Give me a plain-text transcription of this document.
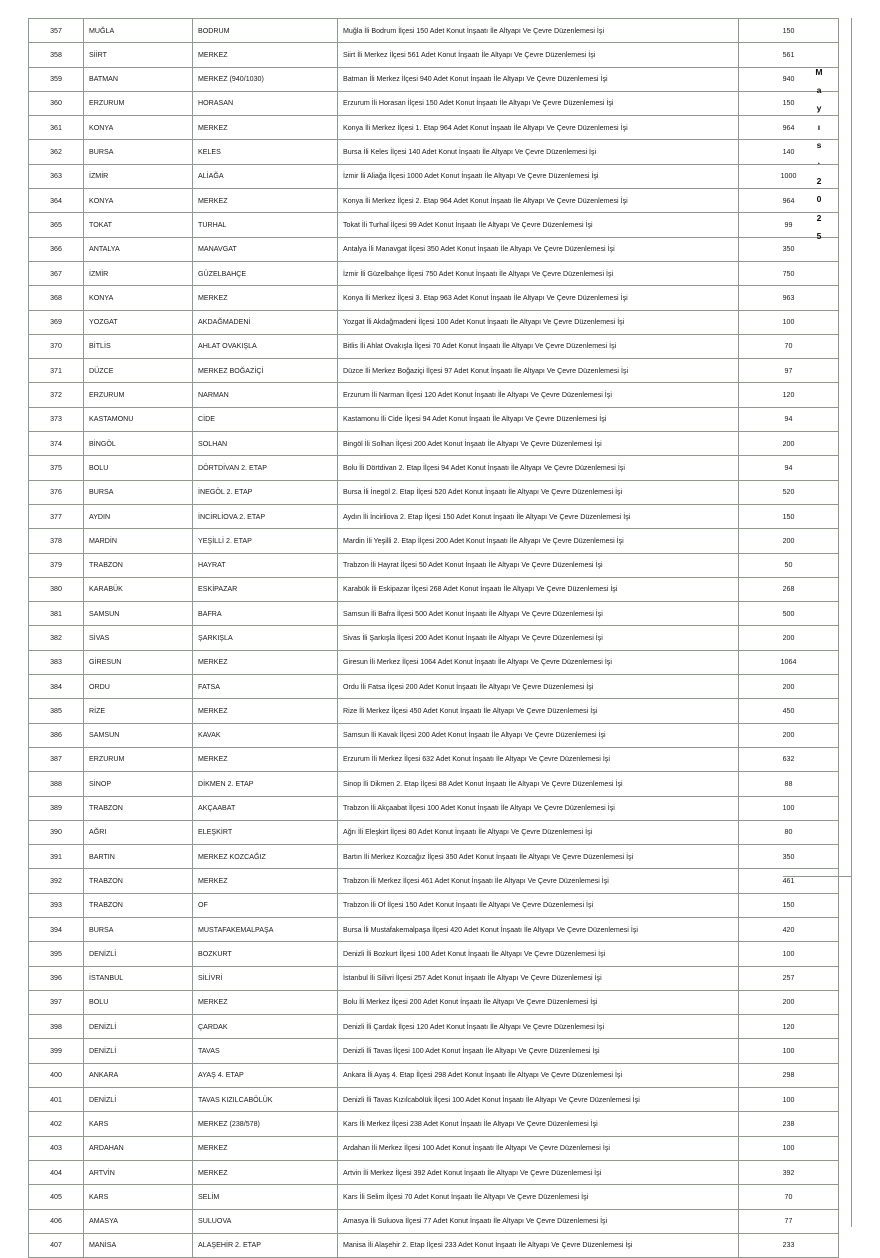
357	MUĞLA	BODRUM	Muğla İli Bodrum İlçesi 150 Adet Konut İnşaatı İle Altyapı Ve Çevre Düzenlemesi İşi	150
358	SİİRT	MERKEZ	Siirt İli Merkez İlçesi 561 Adet Konut İnşaatı İle Altyapı Ve Çevre Düzenlemesi İşi	561
359	BATMAN	MERKEZ (940/1030)	Batman İli Merkez İlçesi 940 Adet Konut İnşaatı İle Altyapı Ve Çevre Düzenlemesi İşi	940
360	ERZURUM	HORASAN	Erzurum İli Horasan İlçesi 150 Adet Konut İnşaatı İle Altyapı Ve Çevre Düzenlemesi İşi	150
361	KONYA	MERKEZ	Konya İli Merkez İlçesi 1. Etap 964 Adet Konut İnşaatı İle Altyapı Ve Çevre Düzenlemesi İşi	964
362	BURSA	KELES	Bursa İli Keles İlçesi 140 Adet Konut İnşaatı İle Altyapı Ve Çevre Düzenlemesi İşi	140
363	İZMİR	ALİAĞA	İzmir İli Aliağa İlçesi 1000 Adet Konut İnşaatı İle Altyapı Ve Çevre Düzenlemesi İşi	1000
364	KONYA	MERKEZ	Konya İli Merkez İlçesi 2. Etap 964 Adet Konut İnşaatı İle Altyapı Ve Çevre Düzenlemesi İşi	964
365	TOKAT	TURHAL	Tokat İli Turhal İlçesi 99 Adet Konut İnşaatı İle Altyapı Ve Çevre Düzenlemesi İşi	99
366	ANTALYA	MANAVGAT	Antalya İli Manavgat İlçesi 350 Adet Konut İnşaatı İle Altyapı Ve Çevre Düzenlemesi İşi	350
367	İZMİR	GÜZELBAHÇE	İzmir İli Güzelbahçe İlçesi 750 Adet Konut İnşaatı İle Altyapı Ve Çevre Düzenlemesi İşi	750
368	KONYA	MERKEZ	Konya İli Merkez İlçesi 3. Etap 963 Adet Konut İnşaatı İle Altyapı Ve Çevre Düzenlemesi İşi	963
369	YOZGAT	AKDAĞMADENİ	Yozgat İli Akdağmadeni İlçesi 100 Adet Konut İnşaatı İle Altyapı Ve Çevre Düzenlemesi İşi	100
370	BİTLİS	AHLAT OVAKIŞLA	Bitlis İli Ahlat Ovakışla İlçesi 70 Adet Konut İnşaatı İle Altyapı Ve Çevre Düzenlemesi İşi	70
371	DÜZCE	MERKEZ BOĞAZİÇİ	Düzce İli Merkez Boğaziçi İlçesi 97 Adet Konut İnşaatı İle Altyapı Ve Çevre Düzenlemesi İşi	97
372	ERZURUM	NARMAN	Erzurum İli Narman İlçesi 120 Adet Konut İnşaatı İle Altyapı Ve Çevre Düzenlemesi İşi	120
373	KASTAMONU	CİDE	Kastamonu İli Cide İlçesi 94 Adet Konut İnşaatı İle Altyapı Ve Çevre Düzenlemesi İşi	94
374	BİNGÖL	SOLHAN	Bingöl İli Solhan İlçesi 200 Adet Konut İnşaatı İle Altyapı Ve Çevre Düzenlemesi İşi	200
375	BOLU	DÖRTDİVAN 2. ETAP	Bolu İli Dörtdivan 2. Etap İlçesi 94 Adet Konut İnşaatı İle Altyapı Ve Çevre Düzenlemesi İşi	94
376	BURSA	İNEGÖL 2. ETAP	Bursa İli İnegöl 2. Etap İlçesi 520 Adet Konut İnşaatı İle Altyapı Ve Çevre Düzenlemesi İşi	520
377	AYDIN	İNCİRLİOVA 2. ETAP	Aydın İli İncirliova 2. Etap İlçesi 150 Adet Konut İnşaatı İle Altyapı Ve Çevre Düzenlemesi İşi	150
378	MARDİN	YEŞİLLİ 2. ETAP	Mardin İli Yeşilli 2. Etap İlçesi 200 Adet Konut İnşaatı İle Altyapı Ve Çevre Düzenlemesi İşi	200
379	TRABZON	HAYRAT	Trabzon İli Hayrat İlçesi 50 Adet Konut İnşaatı İle Altyapı Ve Çevre Düzenlemesi İşi	50
380	KARABÜK	ESKİPAZAR	Karabük İli Eskipazar İlçesi 268 Adet Konut İnşaatı İle Altyapı Ve Çevre Düzenlemesi İşi	268
381	SAMSUN	BAFRA	Samsun İli Bafra İlçesi 500 Adet Konut İnşaatı İle Altyapı Ve Çevre Düzenlemesi İşi	500
382	SİVAS	ŞARKIŞLA	Sivas İli Şarkışla İlçesi 200 Adet Konut İnşaatı İle Altyapı Ve Çevre Düzenlemesi İşi	200
383	GİRESUN	MERKEZ	Giresun İli Merkez İlçesi 1064 Adet Konut İnşaatı İle Altyapı Ve Çevre Düzenlemesi İşi	1064
384	ORDU	FATSA	Ordu İli Fatsa İlçesi 200 Adet Konut İnşaatı İle Altyapı Ve Çevre Düzenlemesi İşi	200
385	RİZE	MERKEZ	Rize İli Merkez İlçesi 450 Adet Konut İnşaatı İle Altyapı Ve Çevre Düzenlemesi İşi	450
386	SAMSUN	KAVAK	Samsun İli Kavak İlçesi 200 Adet Konut İnşaatı İle Altyapı Ve Çevre Düzenlemesi İşi	200
387	ERZURUM	MERKEZ	Erzurum İli Merkez İlçesi 632 Adet Konut İnşaatı İle Altyapı Ve Çevre Düzenlemesi İşi	632
388	SİNOP	DİKMEN 2. ETAP	Sinop İli Dikmen 2. Etap İlçesi 88 Adet Konut İnşaatı İle Altyapı Ve Çevre Düzenlemesi İşi	88
389	TRABZON	AKÇAABAT	Trabzon İli Akçaabat İlçesi 100 Adet Konut İnşaatı İle Altyapı Ve Çevre Düzenlemesi İşi	100
390	AĞRI	ELEŞKİRT	Ağrı İli Eleşkirt İlçesi 80 Adet Konut İnşaatı İle Altyapı Ve Çevre Düzenlemesi İşi	80
391	BARTIN	MERKEZ KOZCAĞIZ	Bartın İli Merkez Kozcağız İlçesi 350 Adet Konut İnşaatı İle Altyapı Ve Çevre Düzenlemesi İşi	350
392	TRABZON	MERKEZ	Trabzon İli Merkez İlçesi 461 Adet Konut İnşaatı İle Altyapı Ve Çevre Düzenlemesi İşi	461
393	TRABZON	OF	Trabzon İli Of İlçesi 150 Adet Konut İnşaatı İle Altyapı Ve Çevre Düzenlemesi İşi	150
394	BURSA	MUSTAFAKEMALPAŞA	Bursa İli Mustafakemalpaşa İlçesi 420 Adet Konut İnşaatı İle Altyapı Ve Çevre Düzenlemesi İşi	420
395	DENİZLİ	BOZKURT	Denizli İli Bozkurt İlçesi 100 Adet Konut İnşaatı İle Altyapı Ve Çevre Düzenlemesi İşi	100
396	İSTANBUL	SİLİVRİ	İstanbul İli Silivri İlçesi 257 Adet Konut İnşaatı İle Altyapı Ve Çevre Düzenlemesi İşi	257
397	BOLU	MERKEZ	Bolu İli Merkez İlçesi 200 Adet Konut İnşaatı İle Altyapı Ve Çevre Düzenlemesi İşi	200
398	DENİZLİ	ÇARDAK	Denizli İli Çardak İlçesi 120 Adet Konut İnşaatı İle Altyapı Ve Çevre Düzenlemesi İşi	120
399	DENİZLİ	TAVAS	Denizli İli Tavas İlçesi 100 Adet Konut İnşaatı İle Altyapı Ve Çevre Düzenlemesi İşi	100
400	ANKARA	AYAŞ 4. ETAP	Ankara İli Ayaş 4. Etap İlçesi 298 Adet Konut İnşaatı İle Altyapı Ve Çevre Düzenlemesi İşi	298
401	DENİZLİ	TAVAS KIZILCABÖLÜK	Denizli İli Tavas Kızılcabölük İlçesi 100 Adet Konut İnşaatı İle Altyapı Ve Çevre Düzenlemesi İşi	100
402	KARS	MERKEZ (238/578)	Kars İli Merkez İlçesi 238 Adet Konut İnşaatı İle Altyapı Ve Çevre Düzenlemesi İşi	238
403	ARDAHAN	MERKEZ	Ardahan İli Merkez İlçesi 100 Adet Konut İnşaatı İle Altyapı Ve Çevre Düzenlemesi İşi	100
404	ARTVİN	MERKEZ	Artvin İli Merkez İlçesi 392 Adet Konut İnşaatı İle Altyapı Ve Çevre Düzenlemesi İşi	392
405	KARS	SELİM	Kars İli Selim İlçesi 70 Adet Konut İnşaatı İle Altyapı Ve Çevre Düzenlemesi İşi	70
406	AMASYA	SULUOVA	Amasya İli Suluova İlçesi 77 Adet Konut İnşaatı İle Altyapı Ve Çevre Düzenlemesi İşi	77
407	MANİSA	ALAŞEHİR 2. ETAP	Manisa İli Alaşehir 2. Etap İlçesi 233 Adet Konut İnşaatı İle Altyapı Ve Çevre Düzenlemesi İşi	233
M
a
y
ı
s
·
2
0
2
5
